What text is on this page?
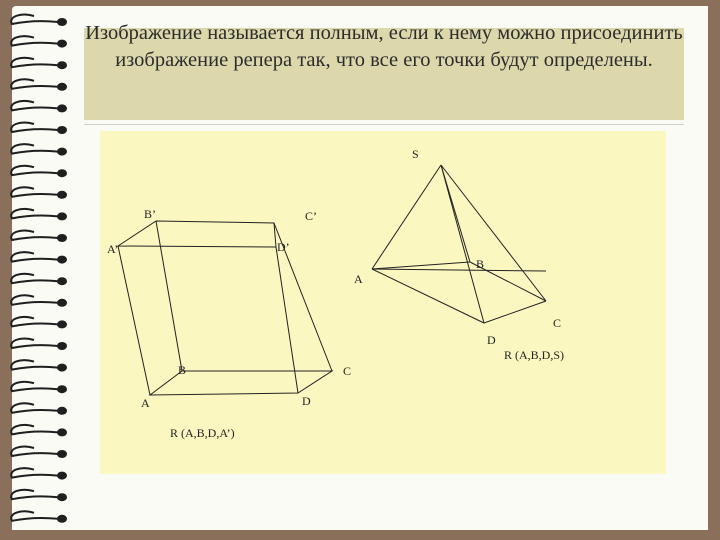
Изображение называется полным, если к нему можно присоединить изображение репера так, что все его точки будут определены.
B’	C’
A’	D’
B	C
A	D
R (A,B,D,A’)
S
A
B
C
D
R (A,B,D,S)
